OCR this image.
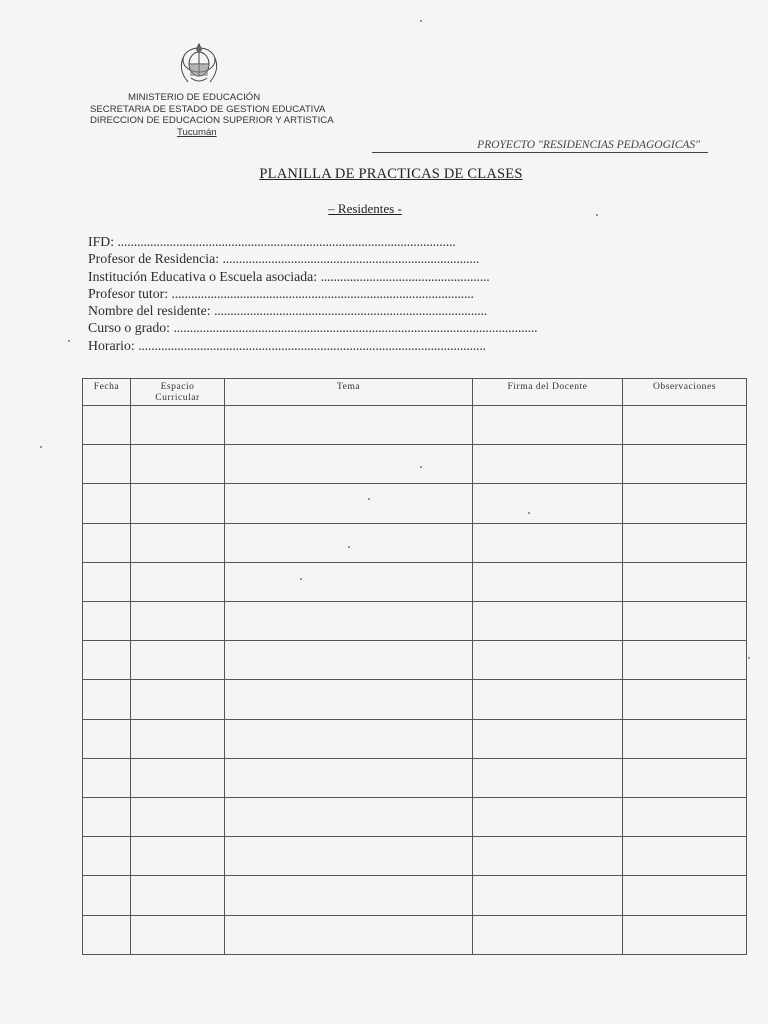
MINISTERIO DE EDUCACIÓN
SECRETARIA DE ESTADO DE GESTION EDUCATIVA
DIRECCION DE EDUCACION SUPERIOR Y ARTISTICA
Tucumán
PROYECTO "RESIDENCIAS PEDAGOGICAS"
PLANILLA DE PRACTICAS DE CLASES
– Residentes -
IFD: ........................................................................................................
Profesor de Residencia: ...............................................................................
Institución Educativa o Escuela asociada: ....................................................
Profesor tutor: .............................................................................................
Nombre del residente: ....................................................................................
Curso o grado: ................................................................................................................
Horario: ...........................................................................................................
Fecha	Espacio Curricular	Tema	Firma del Docente	Observaciones
